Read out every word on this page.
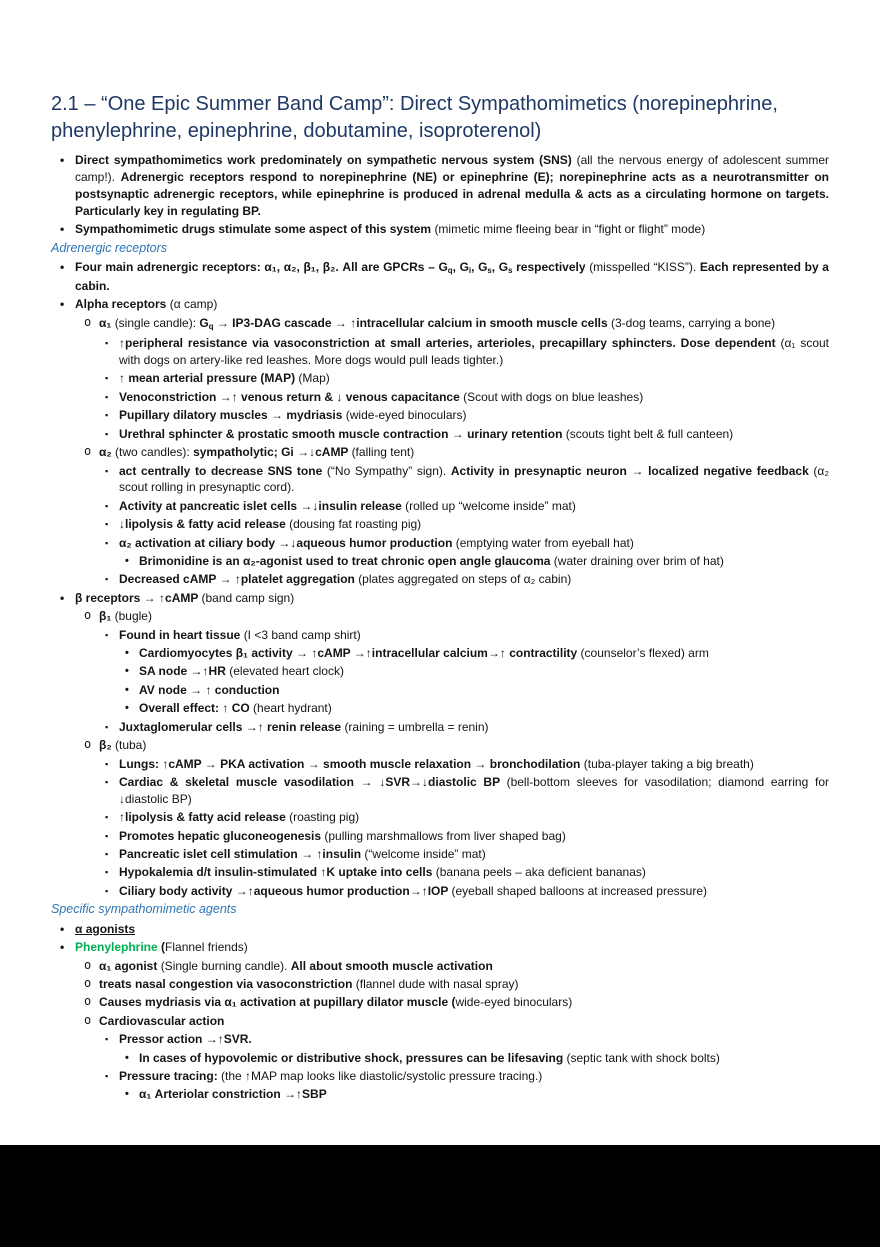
2.1 – “One Epic Summer Band Camp”: Direct Sympathomimetics (norepinephrine, phenylephrine, epinephrine, dobutamine, isoproterenol)
• Direct sympathomimetics work predominately on sympathetic nervous system (SNS) (all the nervous energy of adolescent summer camp!). Adrenergic receptors respond to norepinephrine (NE) or epinephrine (E); norepinephrine acts as a neurotransmitter on postsynaptic adrenergic receptors, while epinephrine is produced in adrenal medulla & acts as a circulating hormone on targets. Particularly key in regulating BP.
• Sympathomimetic drugs stimulate some aspect of this system (mimetic mime fleeing bear in “fight or flight” mode)
Adrenergic receptors
• Four main adrenergic receptors: α₁, α₂, β₁, β₂. All are GPCRs – Gq, Gi, Gs, Gs respectively (misspelled “KISS”). Each represented by a cabin.
• Alpha receptors (α camp)
o α₁ (single candle): Gq → IP3-DAG cascade → ↑intracellular calcium in smooth muscle cells (3-dog teams, carrying a bone)
▪ ↑peripheral resistance via vasoconstriction at small arteries, arterioles, precapillary sphincters. Dose dependent (α₁ scout with dogs on artery-like red leashes. More dogs would pull leads tighter.)
▪ ↑ mean arterial pressure (MAP) (Map)
▪ Venoconstriction →↑ venous return & ↓ venous capacitance (Scout with dogs on blue leashes)
▪ Pupillary dilatory muscles → mydriasis (wide-eyed binoculars)
▪ Urethral sphincter & prostatic smooth muscle contraction → urinary retention (scouts tight belt & full canteen)
o α₂ (two candles): sympatholytic; Gi →↓cAMP (falling tent)
▪ act centrally to decrease SNS tone (“No Sympathy” sign). Activity in presynaptic neuron → localized negative feedback (α₂ scout rolling in presynaptic cord).
▪ Activity at pancreatic islet cells →↓insulin release (rolled up “welcome inside” mat)
▪ ↓lipolysis & fatty acid release (dousing fat roasting pig)
▪ α₂ activation at ciliary body →↓aqueous humor production (emptying water from eyeball hat)
• Brimonidine is an α₂-agonist used to treat chronic open angle glaucoma (water draining over brim of hat)
▪ Decreased cAMP → ↑platelet aggregation (plates aggregated on steps of α₂ cabin)
• β receptors → ↑cAMP (band camp sign)
o β₁ (bugle)
▪ Found in heart tissue (I <3 band camp shirt)
• Cardiomyocytes β₁ activity → ↑cAMP →↑intracellular calcium→↑ contractility (counselor’s flexed) arm
• SA node →↑HR (elevated heart clock)
• AV node → ↑ conduction
• Overall effect: ↑ CO (heart hydrant)
▪ Juxtaglomerular cells →↑ renin release (raining = umbrella = renin)
o β₂ (tuba)
▪ Lungs: ↑cAMP → PKA activation → smooth muscle relaxation → bronchodilation (tuba-player taking a big breath)
▪ Cardiac & skeletal muscle vasodilation → ↓SVR→↓diastolic BP (bell-bottom sleeves for vasodilation; diamond earring for ↓diastolic BP)
▪ ↑lipolysis & fatty acid release (roasting pig)
▪ Promotes hepatic gluconeogenesis (pulling marshmallows from liver shaped bag)
▪ Pancreatic islet cell stimulation → ↑insulin (“welcome inside” mat)
▪ Hypokalemia d/t insulin-stimulated ↑K uptake into cells (banana peels – aka deficient bananas)
▪ Ciliary body activity →↑aqueous humor production→↑IOP (eyeball shaped balloons at increased pressure)
Specific sympathomimetic agents
• α agonists
• Phenylephrine (Flannel friends)
o α₁ agonist (Single burning candle). All about smooth muscle activation
o treats nasal congestion via vasoconstriction (flannel dude with nasal spray)
o Causes mydriasis via α₁ activation at pupillary dilator muscle (wide-eyed binoculars)
o Cardiovascular action
▪ Pressor action →↑SVR.
• In cases of hypovolemic or distributive shock, pressures can be lifesaving (septic tank with shock bolts)
▪ Pressure tracing: (the ↑MAP map looks like diastolic/systolic pressure tracing.)
• α₁ Arteriolar constriction →↑SBP
